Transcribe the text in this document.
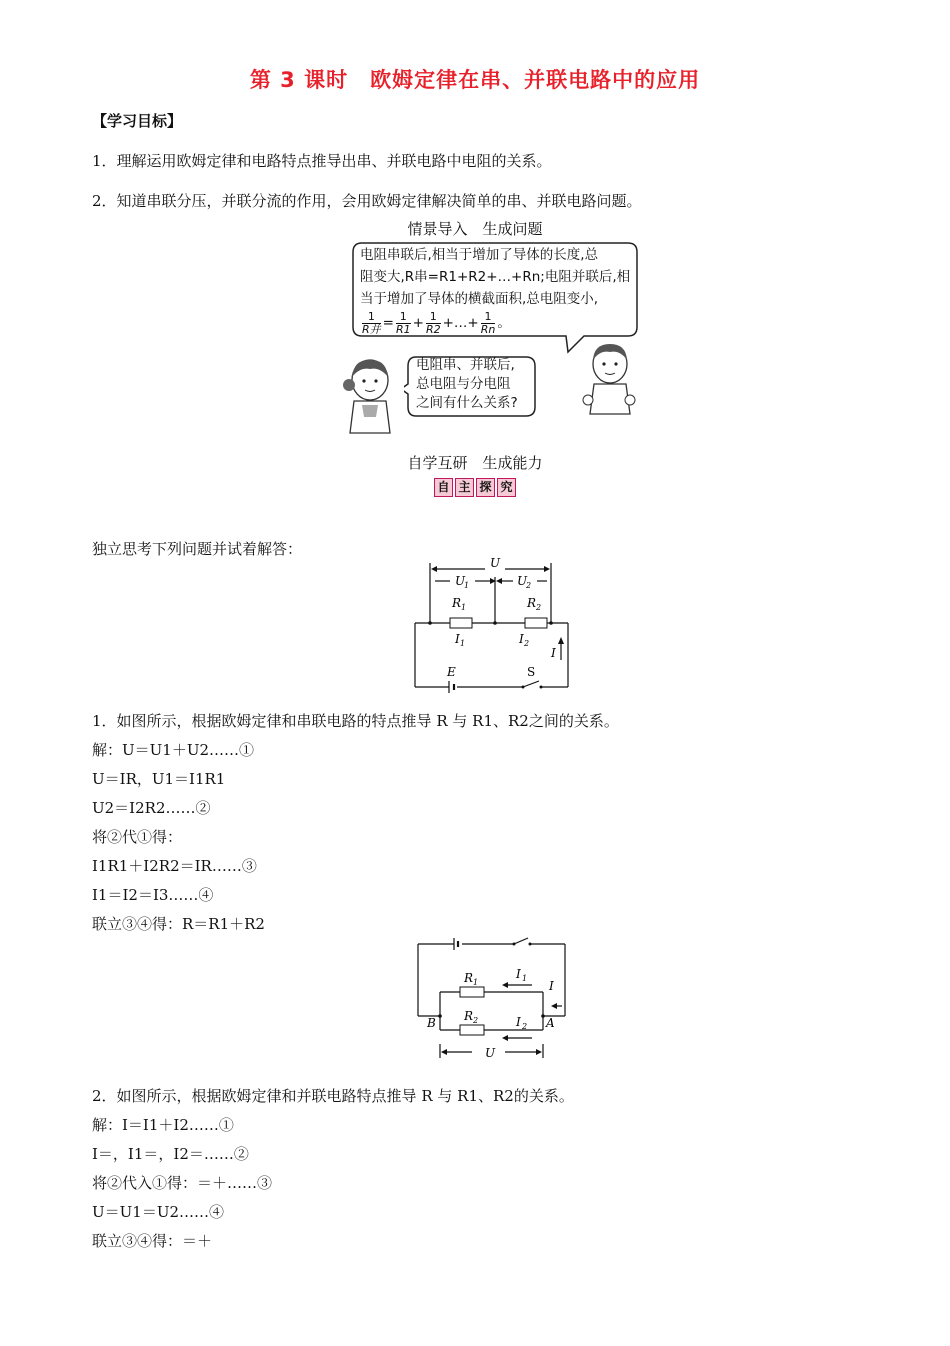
第 3 课时　欧姆定律在串、并联电路中的应用
【学习目标】
1．理解运用欧姆定律和电路特点推导出串、并联电路中电阻的关系。
2．知道串联分压，并联分流的作用，会用欧姆定律解决简单的串、并联电路问题。
情景导入　生成问题
电阻串联后,相当于增加了导体的长度,总
阻变大,R串=R1+R2+…+Rn;电阻并联后,相
当于增加了导体的横截面积,总电阻变小,
$\frac{1}{\text{R并}} = \frac{1}{R1} + \frac{1}{R2}$ +…+ $\frac{1}{Rn}$ 。
电阻串、并联后,
总电阻与分电阻
之间有什么关系?
自学互研　生成能力
自 主 探 究
独立思考下列问题并试着解答：
U
U
1	U
2
R 1	R 2
I 1	I 2
I
E	S
1．如图所示，根据欧姆定律和串联电路的特点推导 R 与 R1、R2之间的关系。
解：U＝U1＋U2……①
U＝IR，U1＝I1R1
U2＝I2R2……②
将②代①得：
I1R1＋I2R2＝IR……③
I1＝I2＝I3……④
联立③④得：R＝R1＋R2
R 1
R 2
I 1
I 2
I
A
B
U
2．如图所示，根据欧姆定律和并联电路特点推导 R 与 R1、R2的关系。
解：I＝I1＋I2……①
I＝，I1＝，I2＝……②
将②代入①得：＝＋……③
U＝U1＝U2……④
联立③④得：＝＋
